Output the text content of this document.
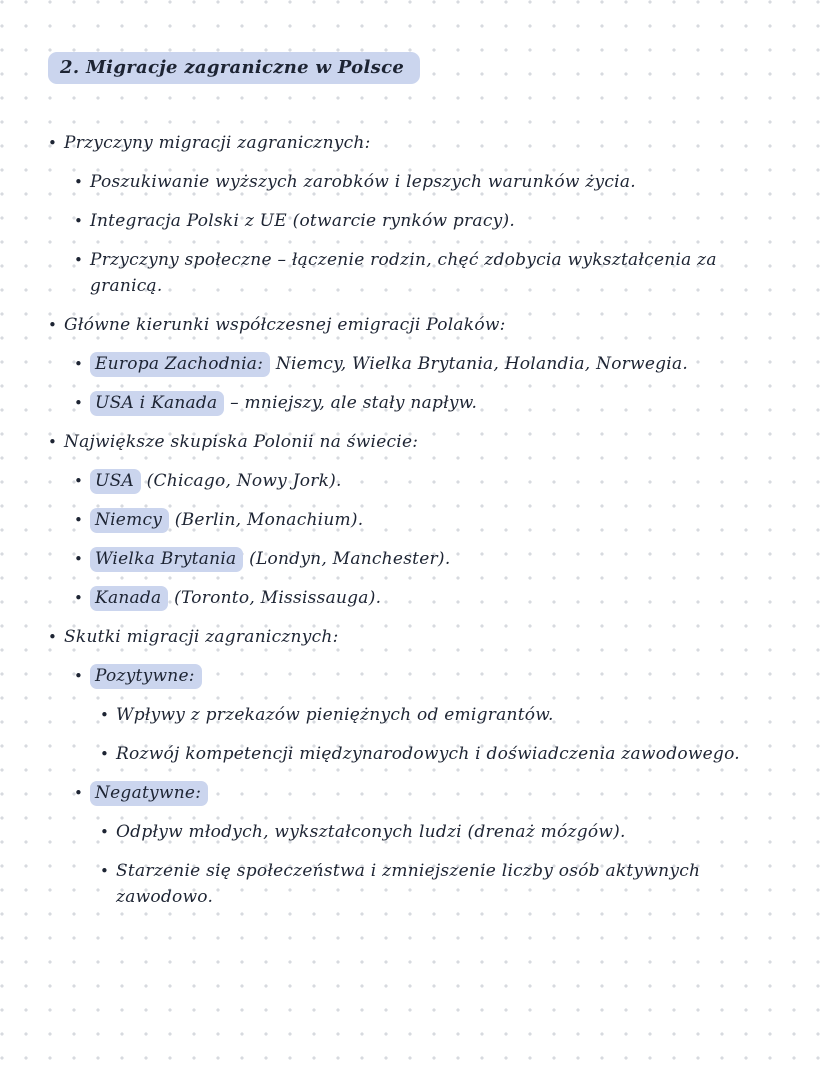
2. Migracje zagraniczne w Polsce
• Przyczyny migracji zagranicznych:
• Poszukiwanie wyższych zarobków i lepszych warunków życia.
• Integracja Polski z UE (otwarcie rynków pracy).
• Przyczyny społeczne – łączenie rodzin, chęć zdobycia wykształcenia za granicą.
• Główne kierunki współczesnej emigracji Polaków:
• Europa Zachodnia: Niemcy, Wielka Brytania, Holandia, Norwegia.
• USA i Kanada – mniejszy, ale stały napływ.
• Największe skupiska Polonii na świecie:
• USA (Chicago, Nowy Jork).
• Niemcy (Berlin, Monachium).
• Wielka Brytania (Londyn, Manchester).
• Kanada (Toronto, Mississauga).
• Skutki migracji zagranicznych:
• Pozytywne:
• Wpływy z przekazów pieniężnych od emigrantów.
• Rozwój kompetencji międzynarodowych i doświadczenia zawodowego.
• Negatywne:
• Odpływ młodych, wykształconych ludzi (drenaż mózgów).
• Starzenie się społeczeństwa i zmniejszenie liczby osób aktywnych zawodowo.
